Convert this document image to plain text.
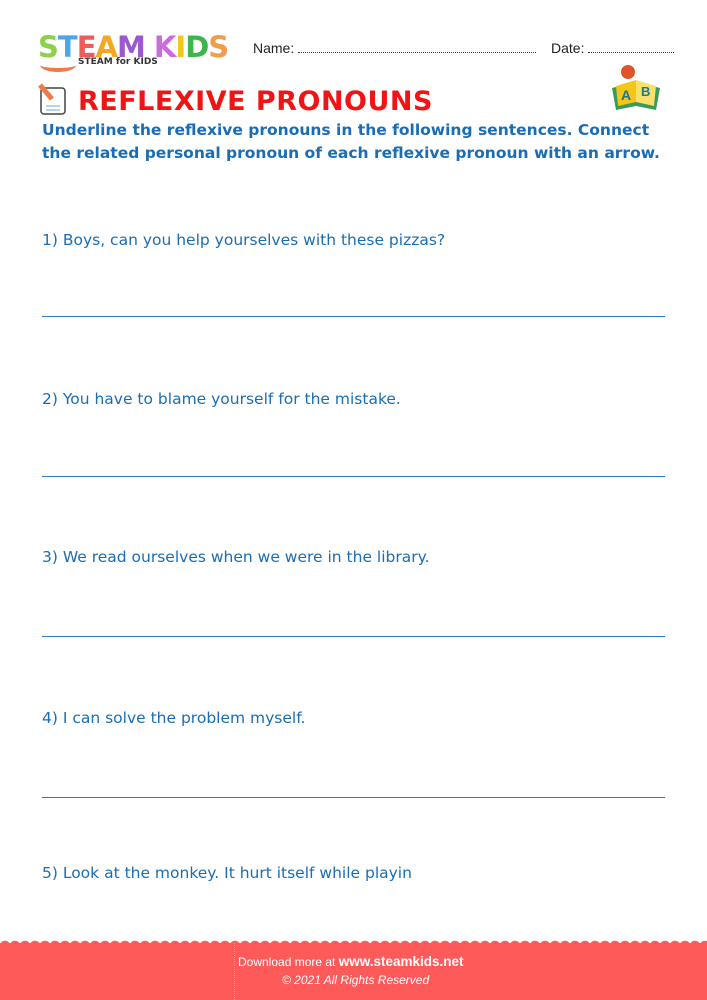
STEAM KIDS
STEAM for KIDS
Name:	Date:
REFLEXIVE PRONOUNS	A B
Underline the reflexive pronouns in the following sentences. Connect the related personal pronoun of each reflexive pronoun with an arrow.
1) Boys, can you help yourselves with these pizzas?
2) You have to blame yourself for the mistake.
3) We read ourselves when we were in the library.
4) I can solve the problem myself.
5) Look at the monkey. It hurt itself while playin
Download more at www.steamkids.net
© 2021 All Rights Reserved
